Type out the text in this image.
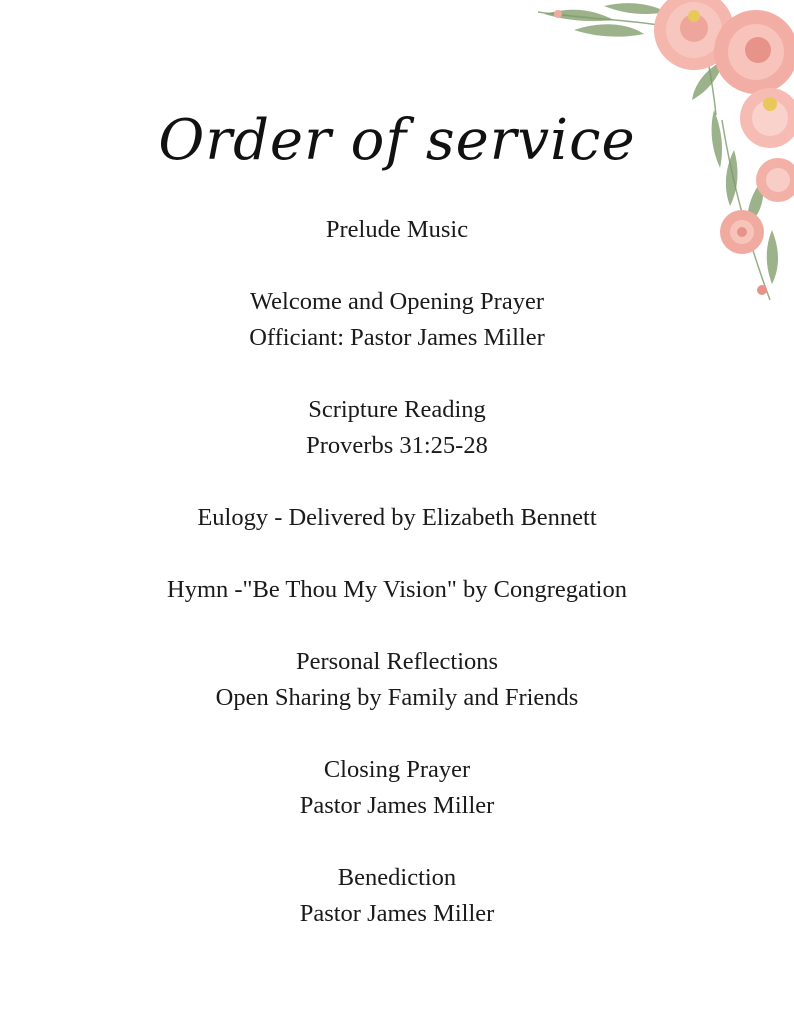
Order of service
Prelude Music
Welcome and Opening Prayer
Officiant: Pastor James Miller
Scripture Reading
Proverbs 31:25-28
Eulogy - Delivered by Elizabeth Bennett
Hymn -"Be Thou My Vision" by Congregation
Personal Reflections
Open Sharing by Family and Friends
Closing Prayer
Pastor James Miller
Benediction
Pastor James Miller
